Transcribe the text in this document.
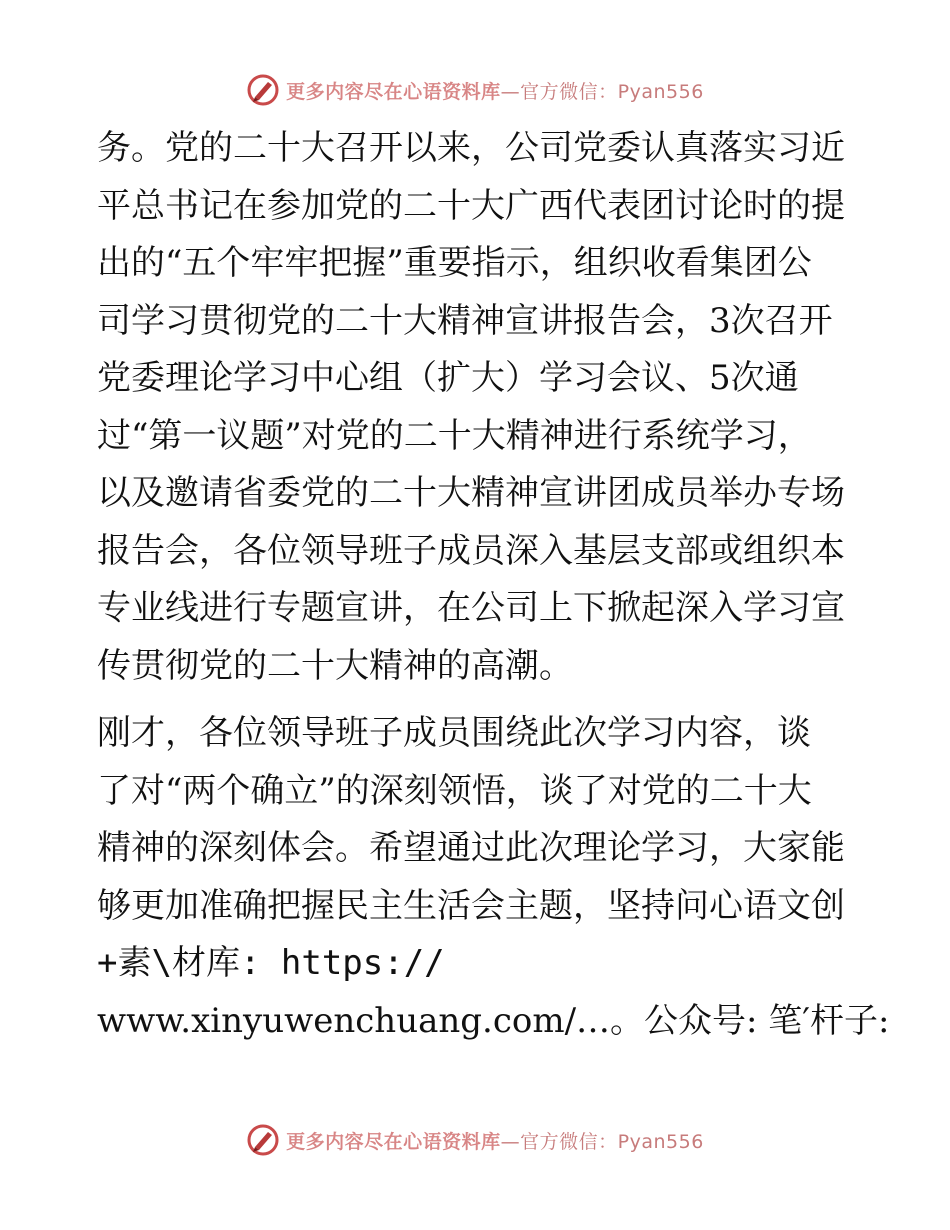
更多内容尽在心语资料库 —官方微信：Pyan556

务。党的二十大召开以来，公司党委认真落实习近
平总书记在参加党的二十大广西代表团讨论时的提
出的“五个牢牢把握”重要指示，组织收看集团公
司学习贯彻党的二十大精神宣讲报告会，3次召开
党委理论学习中心组（扩大）学习会议、5次通
过“第一议题”对党的二十大精神进行系统学习，
以及邀请省委党的二十大精神宣讲团成员举办专场
报告会，各位领导班子成员深入基层支部或组织本
专业线进行专题宣讲，在公司上下掀起深入学习宣
传贯彻党的二十大精神的高潮。

刚才，各位领导班子成员围绕此次学习内容，谈
了对“两个确立”的深刻领悟，谈了对党的二十大
精神的深刻体会。希望通过此次理论学习，大家能
够更加准确把握民主生活会主题，坚持问心语文创
+素\材库: https://
www.xinyuwenchuang.com/…。公众号: 笔′杆子:

更多内容尽在心语资料库 —官方微信：Pyan556
